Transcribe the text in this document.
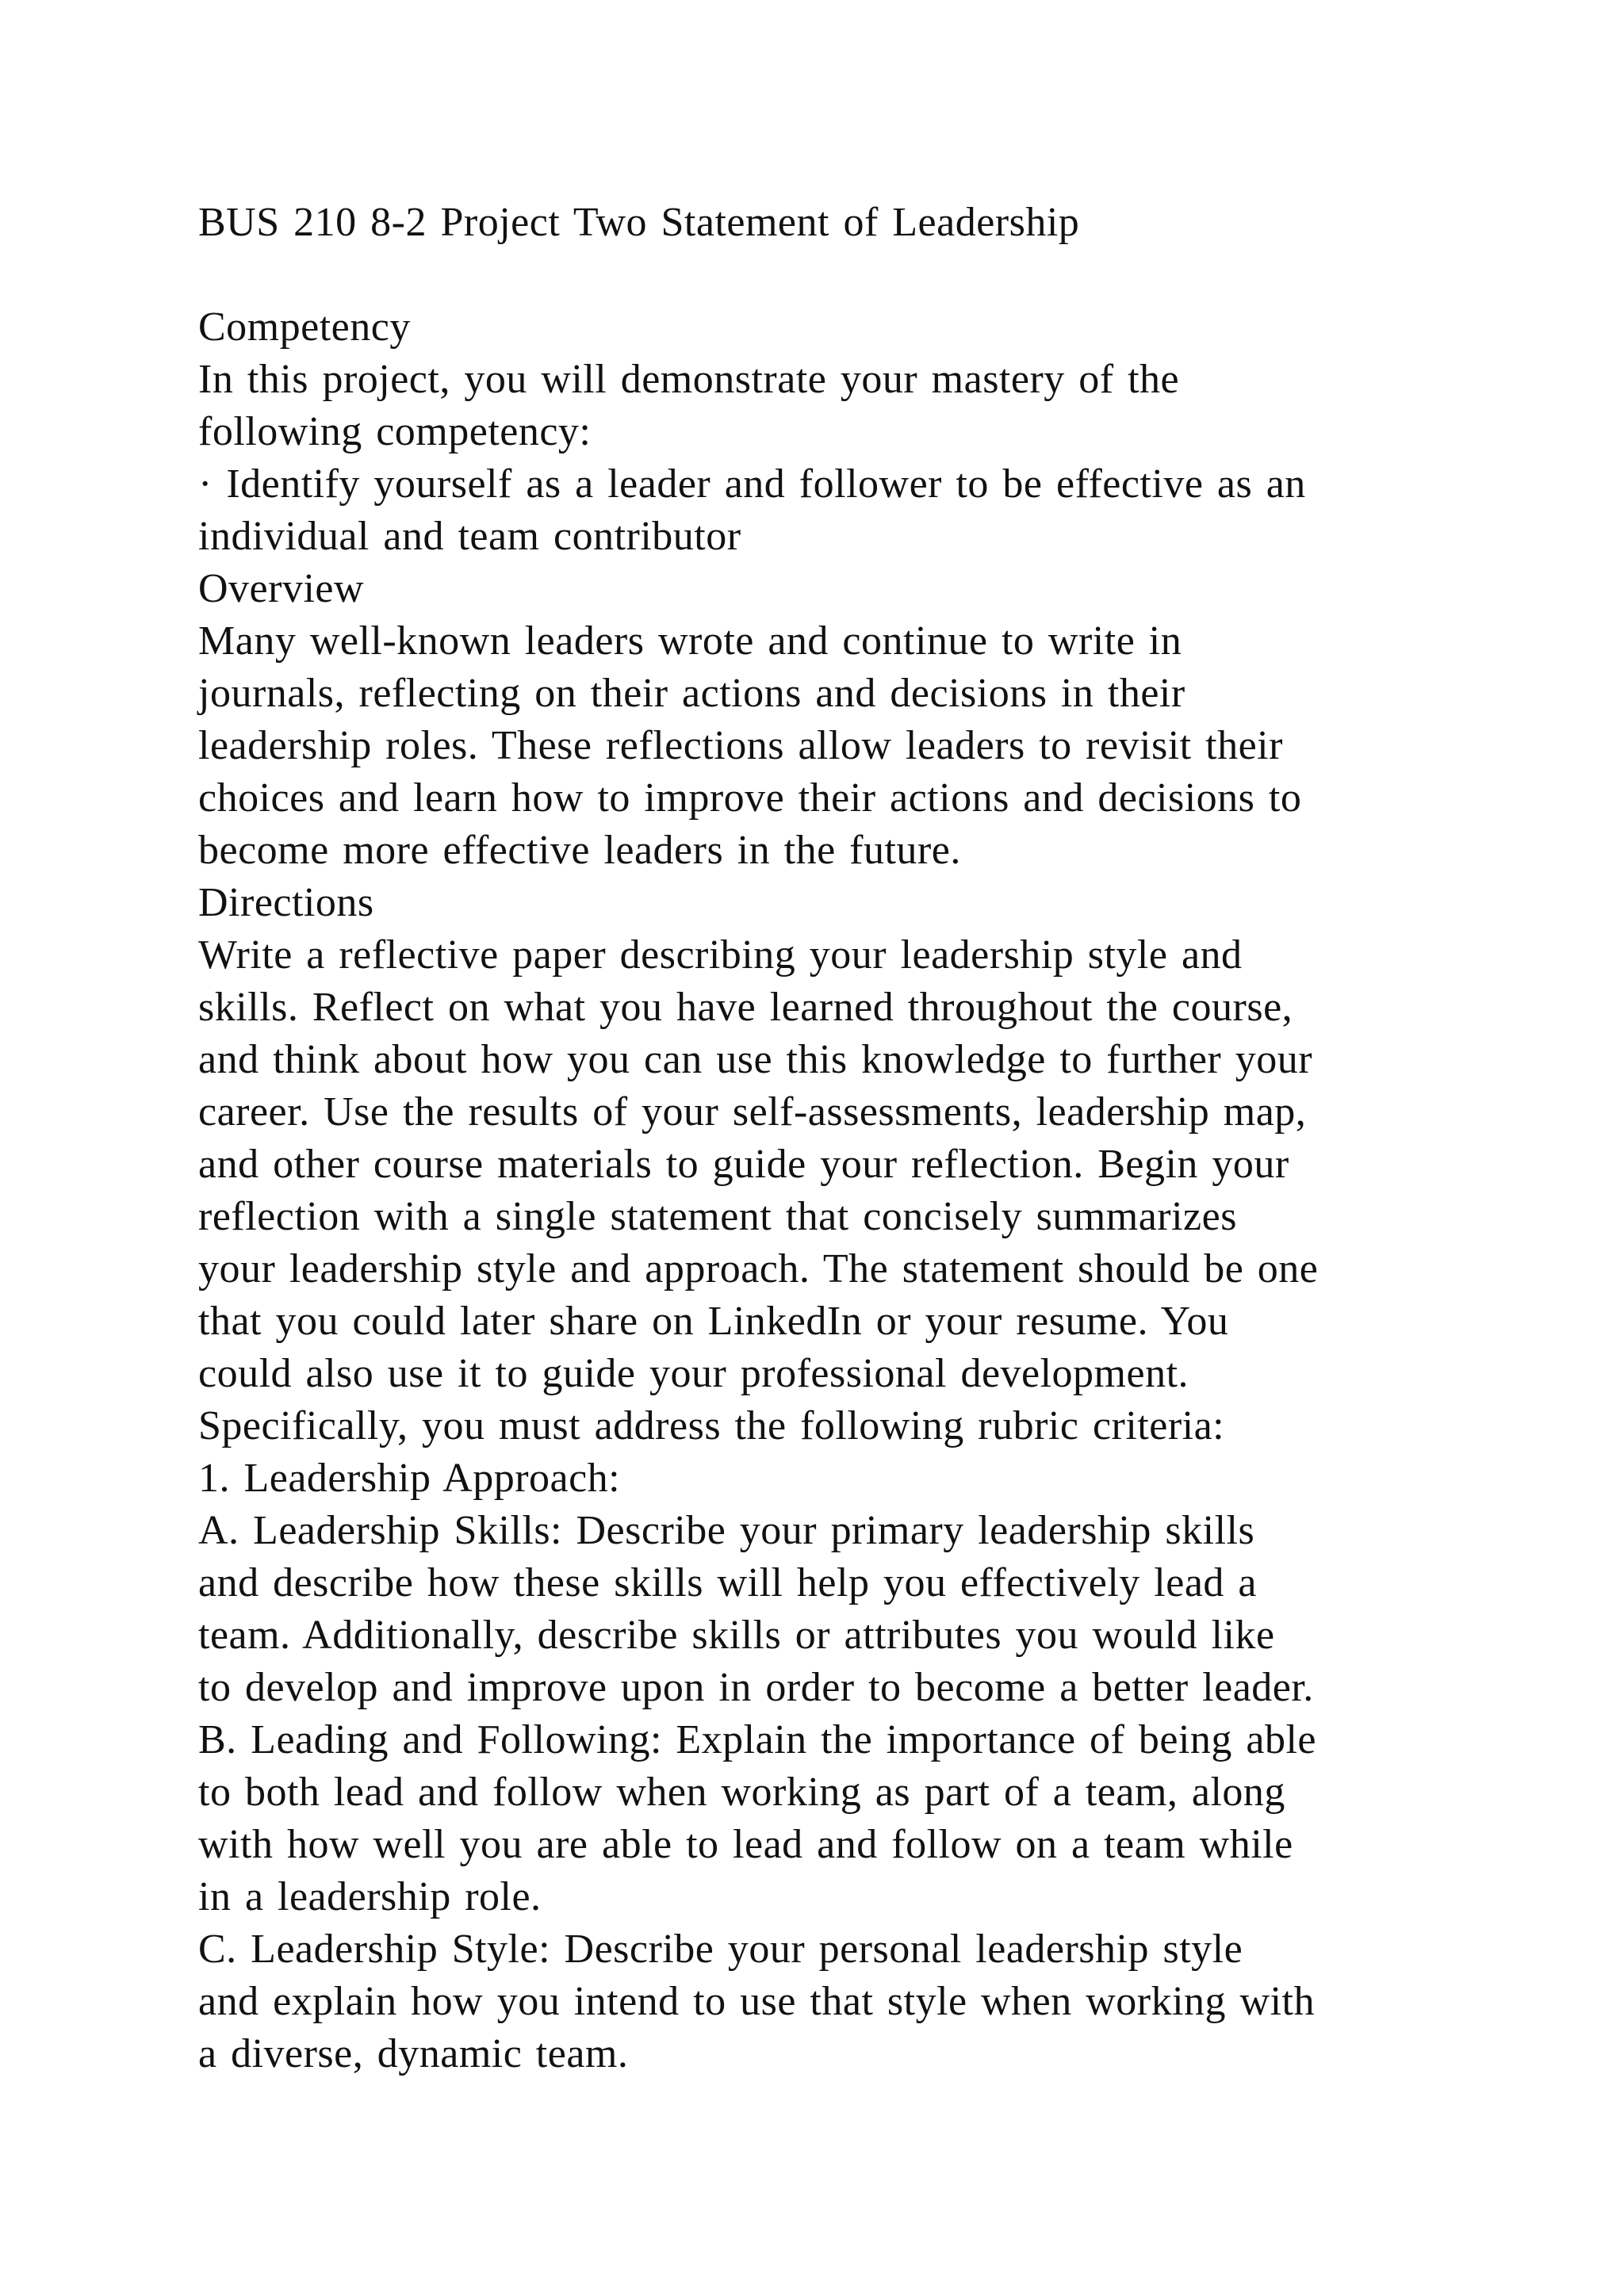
BUS 210 8-2 Project Two Statement of Leadership

Competency

In this project, you will demonstrate your mastery of the

following competency:

· Identify yourself as a leader and follower to be effective as an

individual and team contributor

Overview

Many well-known leaders wrote and continue to write in

journals, reflecting on their actions and decisions in their

leadership roles. These reflections allow leaders to revisit their

choices and learn how to improve their actions and decisions to

become more effective leaders in the future.

Directions

Write a reflective paper describing your leadership style and

skills. Reflect on what you have learned throughout the course,

and think about how you can use this knowledge to further your

career. Use the results of your self-assessments, leadership map,

and other course materials to guide your reflection. Begin your

reflection with a single statement that concisely summarizes

your leadership style and approach. The statement should be one

that you could later share on LinkedIn or your resume. You

could also use it to guide your professional development.

Specifically, you must address the following rubric criteria:

1. Leadership Approach:

A. Leadership Skills: Describe your primary leadership skills

and describe how these skills will help you effectively lead a

team. Additionally, describe skills or attributes you would like

to develop and improve upon in order to become a better leader.

B. Leading and Following: Explain the importance of being able

to both lead and follow when working as part of a team, along

with how well you are able to lead and follow on a team while

in a leadership role.

C. Leadership Style: Describe your personal leadership style

and explain how you intend to use that style when working with

a diverse, dynamic team.
